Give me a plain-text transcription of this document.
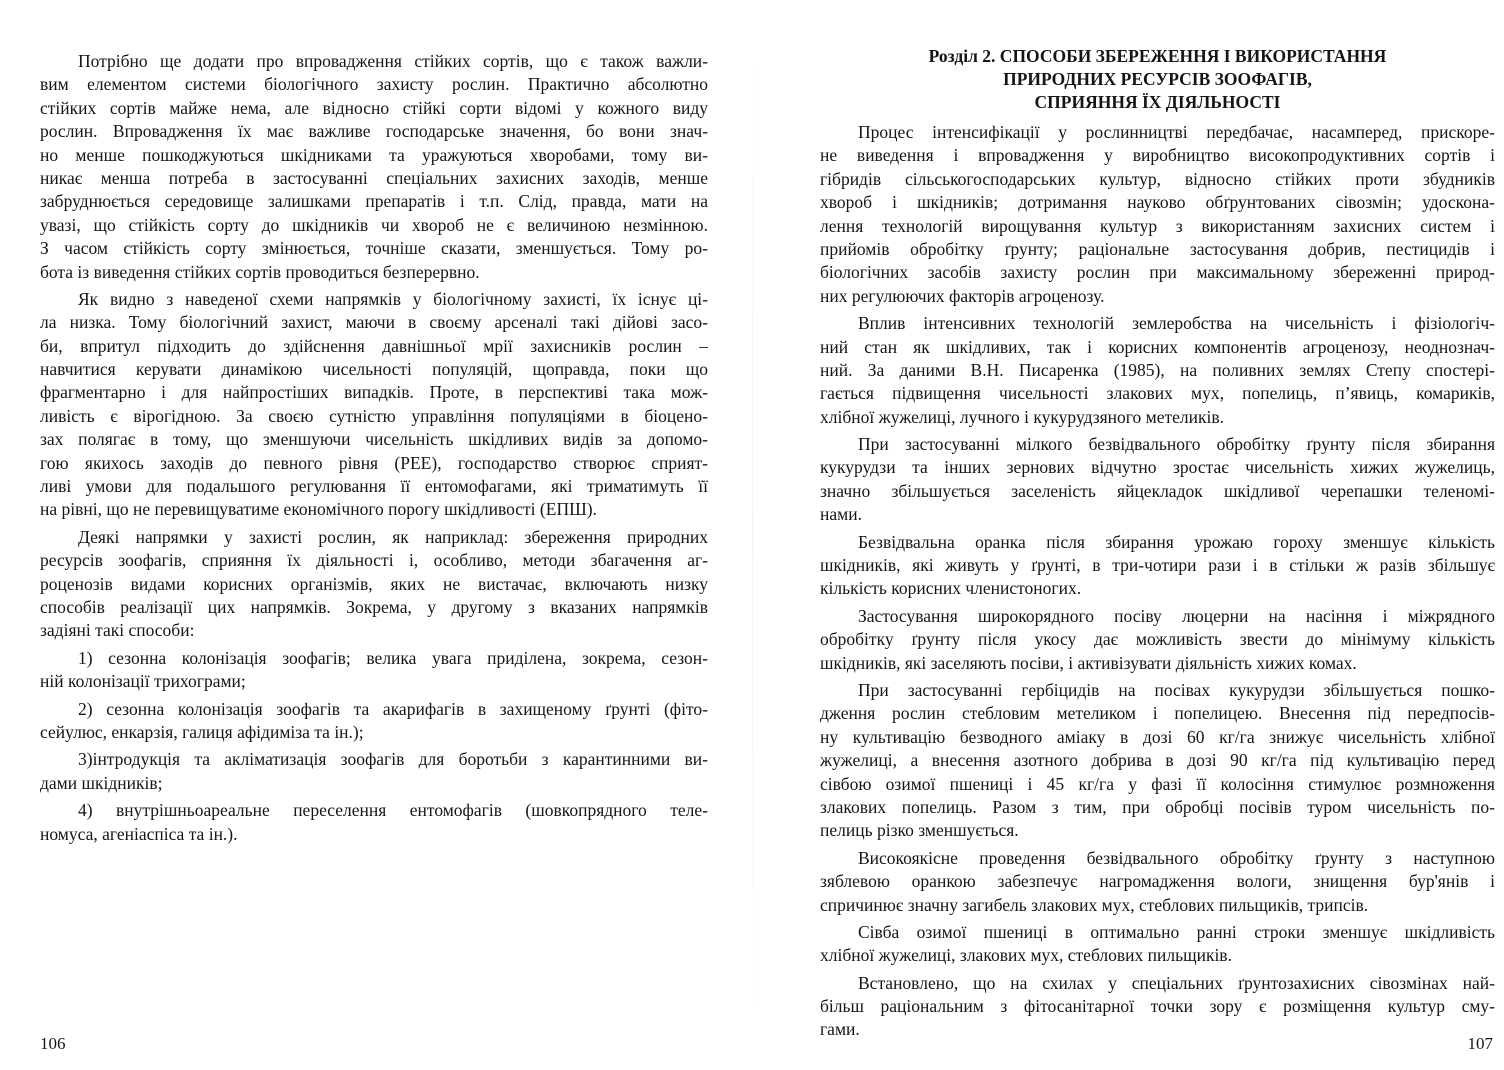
Потрібно ще додати про впровадження стійких сортів, що є також важли-
вим елементом системи біологічного захисту рослин. Практично абсолютно
стійких сортів майже нема, але відносно стійкі сорти відомі у кожного виду
рослин. Впровадження їх має важливе господарське значення, бо вони знач-
но менше пошкоджуються шкідниками та уражуються хворобами, тому ви-
никає менша потреба в застосуванні спеціальних захисних заходів, менше
забруднюється середовище залишками препаратів і т.п. Слід, правда, мати на
увазі, що стійкість сорту до шкідників чи хвороб не є величиною незмінною.
З часом стійкість сорту змінюється, точніше сказати, зменшується. Тому ро-
бота із виведення стійких сортів проводиться безперервно.
Як видно з наведеної схеми напрямків у біологічному захисті, їх існує ці-
ла низка. Тому біологічний захист, маючи в своєму арсеналі такі дійові засо-
би, впритул підходить до здійснення давнішньої мрії захисників рослин –
навчитися керувати динамікою чисельності популяцій, щоправда, поки що
фрагментарно і для найпростіших випадків. Проте, в перспективі така мож-
ливість є вірогідною. За своєю сутністю управління популяціями в біоцено-
зах полягає в тому, що зменшуючи чисельність шкідливих видів за допомо-
гою якихось заходів до певного рівня (РЕЕ), господарство створює сприят-
ливі умови для подальшого регулювання її ентомофагами, які триматимуть її
на рівні, що не перевищуватиме економічного порогу шкідливості (ЕПШ).
Деякі напрямки у захисті рослин, як наприклад: збереження природних
ресурсів зоофагів, сприяння їх діяльності і, особливо, методи збагачення аг-
роценозів видами корисних організмів, яких не вистачає, включають низку
способів реалізації цих напрямків. Зокрема, у другому з вказаних напрямків
задіяні такі способи:
1) сезонна колонізація зоофагів; велика увага приділена, зокрема, сезон-
ній колонізації трихограми;
2) сезонна колонізація зоофагів та акарифагів в захищеному ґрунті (фіто-
сейулюс, енкарзія, галиця афідиміза та ін.);
3)інтродукція та акліматизація зоофагів для боротьби з карантинними ви-
дами шкідників;
4) внутрішньоареальне переселення ентомофагів (шовкопрядного теле-
номуса, агеніаспіса та ін.).
106
Розділ 2. СПОСОБИ ЗБЕРЕЖЕННЯ І ВИКОРИСТАННЯ
ПРИРОДНИХ РЕСУРСІВ ЗООФАГІВ,
СПРИЯННЯ ЇХ ДІЯЛЬНОСТІ
Процес інтенсифікації у рослинництві передбачає, насамперед, прискоре-
не виведення і впровадження у виробництво високопродуктивних сортів і
гібридів сільськогосподарських культур, відносно стійких проти збудників
хвороб і шкідників; дотримання науково обґрунтованих сівозмін; удоскона-
лення технологій вирощування культур з використанням захисних систем і
прийомів обробітку ґрунту; раціональне застосування добрив, пестицидів і
біологічних засобів захисту рослин при максимальному збереженні природ-
них регулюючих факторів агроценозу.
Вплив інтенсивних технологій землеробства на чисельність і фізіологіч-
ний стан як шкідливих, так і корисних компонентів агроценозу, неоднознач-
ний. За даними В.Н. Писаренка (1985), на поливних землях Степу спостері-
гається підвищення чисельності злакових мух, попелиць, п’явиць, комариків,
хлібної жужелиці, лучного і кукурудзяного метеликів.
При застосуванні мілкого безвідвального обробітку ґрунту після збирання
кукурудзи та інших зернових відчутно зростає чисельність хижих жужелиць,
значно збільшується заселеність яйцекладок шкідливої черепашки теленомі-
нами.
Безвідвальна оранка після збирання урожаю гороху зменшує кількість
шкідників, які живуть у ґрунті, в три-чотири рази і в стільки ж разів збільшує
кількість корисних членистоногих.
Застосування широкорядного посіву люцерни на насіння і міжрядного
обробітку ґрунту після укосу дає можливість звести до мінімуму кількість
шкідників, які заселяють посіви, і активізувати діяльність хижих комах.
При застосуванні гербіцидів на посівах кукурудзи збільшується пошко-
дження рослин стебловим метеликом і попелицею. Внесення під передпосів-
ну культивацію безводного аміаку в дозі 60 кг/га знижує чисельність хлібної
жужелиці, а внесення азотного добрива в дозі 90 кг/га під культивацію перед
сівбою озимої пшениці і 45 кг/га у фазі її колосіння стимулює розмноження
злакових попелиць. Разом з тим, при обробці посівів туром чисельність по-
пелиць різко зменшується.
Високоякісне проведення безвідвального обробітку ґрунту з наступною
зяблевою оранкою забезпечує нагромадження вологи, знищення бур'янів і
спричинює значну загибель злакових мух, стеблових пильщиків, трипсів.
Сівба озимої пшениці в оптимально ранні строки зменшує шкідливість
хлібної жужелиці, злакових мух, стеблових пильщиків.
Встановлено, що на схилах у спеціальних ґрунтозахисних сівозмінах най-
більш раціональним з фітосанітарної точки зору є розміщення культур сму-
гами.
107
